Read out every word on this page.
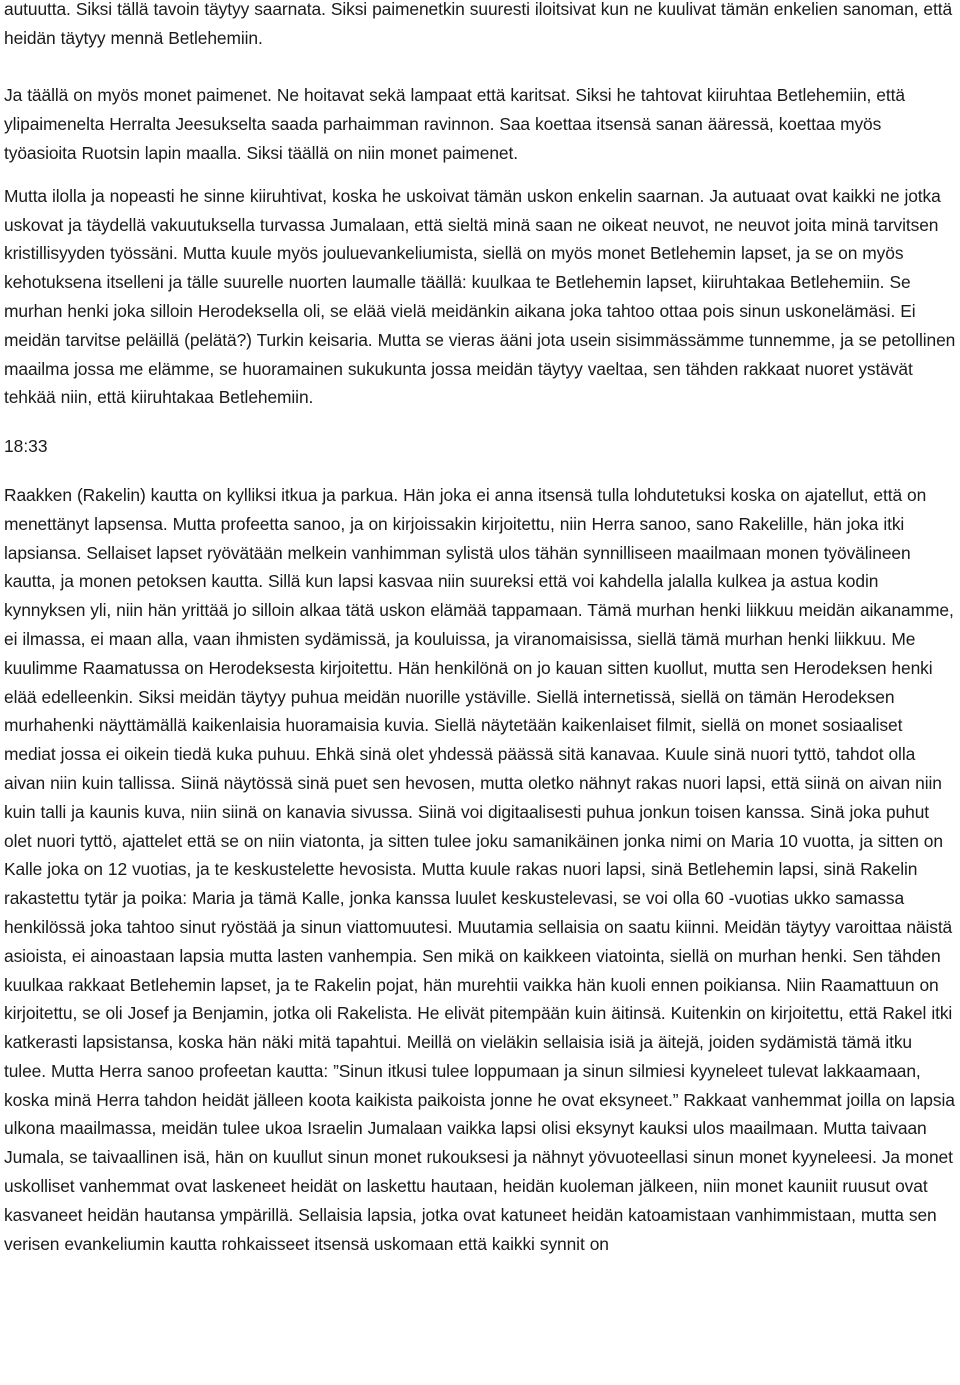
autuutta. Siksi tällä tavoin täytyy saarnata. Siksi paimenetkin suuresti iloitsivat kun ne kuulivat tämän enkelien sanoman, että heidän täytyy mennä Betlehemiin.

Ja täällä on myös monet paimenet. Ne hoitavat sekä lampaat että karitsat. Siksi he tahtovat kiiruhtaa Betlehemiin, että ylipaimenelta Herralta Jeesukselta saada parhaimman ravinnon. Saa koettaa itsensä sanan ääressä, koettaa myös työasioita Ruotsin lapin maalla. Siksi täällä on niin monet paimenet.

Mutta ilolla ja nopeasti he sinne kiiruhtivat, koska he uskoivat tämän uskon enkelin saarnan. Ja autuaat ovat kaikki ne jotka uskovat ja täydellä vakuutuksella turvassa Jumalaan, että sieltä minä saan ne oikeat neuvot, ne neuvot joita minä tarvitsen kristillisyyden työssäni. Mutta kuule myös jouluevankeliumista, siellä on myös monet Betlehemin lapset, ja se on myös kehotuksena itselleni ja tälle suurelle nuorten laumalle täällä: kuulkaa te Betlehemin lapset, kiiruhtakaa Betlehemiin. Se murhan henki joka silloin Herodeksella oli, se elää vielä meidänkin aikana joka tahtoo ottaa pois sinun uskonelämäsi. Ei meidän tarvitse peläillä (pelätä?) Turkin keisaria. Mutta se vieras ääni jota usein sisimmässämme tunnemme, ja se petollinen maailma jossa me elämme, se huoramainen sukukunta jossa meidän täytyy vaeltaa, sen tähden rakkaat nuoret ystävät tehkää niin, että kiiruhtakaa Betlehemiin.

18:33

Raakken (Rakelin) kautta on kylliksi itkua ja parkua. Hän joka ei anna itsensä tulla lohdutetuksi koska on ajatellut, että on menettänyt lapsensa. Mutta profeetta sanoo, ja on kirjoissakin kirjoitettu, niin Herra sanoo, sano Rakelille, hän joka itki lapsiansa. Sellaiset lapset ryövätään melkein vanhimman sylistä ulos tähän synnilliseen maailmaan monen työvälineen kautta, ja monen petoksen kautta. Sillä kun lapsi kasvaa niin suureksi että voi kahdella jalalla kulkea ja astua kodin kynnyksen yli, niin hän yrittää jo silloin alkaa tätä uskon elämää tappamaan. Tämä murhan henki liikkuu meidän aikanamme, ei ilmassa, ei maan alla, vaan ihmisten sydämissä, ja kouluissa, ja viranomaisissa, siellä tämä murhan henki liikkuu. Me kuulimme Raamatussa on Herodeksesta kirjoitettu. Hän henkilönä on jo kauan sitten kuollut, mutta sen Herodeksen henki elää edelleenkin. Siksi meidän täytyy puhua meidän nuorille ystäville. Siellä internetissä, siellä on tämän Herodeksen murhahenki näyttämällä kaikenlaisia huoramaisia kuvia. Siellä näytetään kaikenlaiset filmit, siellä on monet sosiaaliset mediat jossa ei oikein tiedä kuka puhuu. Ehkä sinä olet yhdessä päässä sitä kanavaa. Kuule sinä nuori tyttö, tahdot olla aivan niin kuin tallissa. Siinä näytössä sinä puet sen hevosen, mutta oletko nähnyt rakas nuori lapsi, että siinä on aivan niin kuin talli ja kaunis kuva, niin siinä on kanavia sivussa. Siinä voi digitaalisesti puhua jonkun toisen kanssa. Sinä joka puhut olet nuori tyttö, ajattelet että se on niin viatonta, ja sitten tulee joku samanikäinen jonka nimi on Maria 10 vuotta, ja sitten on Kalle joka on 12 vuotias, ja te keskustelette hevosista. Mutta kuule rakas nuori lapsi, sinä Betlehemin lapsi, sinä Rakelin rakastettu tytär ja poika: Maria ja tämä Kalle, jonka kanssa luulet keskustelevasi, se voi olla 60 -vuotias ukko samassa henkilössä joka tahtoo sinut ryöstää ja sinun viattomuutesi. Muutamia sellaisia on saatu kiinni. Meidän täytyy varoittaa näistä asioista, ei ainoastaan lapsia mutta lasten vanhempia. Sen mikä on kaikkeen viatointa, siellä on murhan henki. Sen tähden kuulkaa rakkaat Betlehemin lapset, ja te Rakelin pojat, hän murehtii vaikka hän kuoli ennen poikiansa. Niin Raamattuun on kirjoitettu, se oli Josef ja Benjamin, jotka oli Rakelista. He elivät pitempään kuin äitinsä. Kuitenkin on kirjoitettu, että Rakel itki katkerasti lapsistansa, koska hän näki mitä tapahtui. Meillä on vieläkin sellaisia isiä ja äitejä, joiden sydämistä tämä itku tulee. Mutta Herra sanoo profeetan kautta: ”Sinun itkusi tulee loppumaan ja sinun silmiesi kyyneleet tulevat lakkaamaan, koska minä Herra tahdon heidät jälleen koota kaikista paikoista jonne he ovat eksyneet.” Rakkaat vanhemmat joilla on lapsia ulkona maailmassa, meidän tulee ukoa Israelin Jumalaan vaikka lapsi olisi eksynyt kauksi ulos maailmaan. Mutta taivaan Jumala, se taivaallinen isä, hän on kuullut sinun monet rukouksesi ja nähnyt yövuoteellasi sinun monet kyyneleesi. Ja monet uskolliset vanhemmat ovat laskeneet heidät on laskettu hautaan, heidän kuoleman jälkeen, niin monet kauniit ruusut ovat kasvaneet heidän hautansa ympärillä. Sellaisia lapsia, jotka ovat katuneet heidän katoamistaan vanhimmistaan, mutta sen verisen evankeliumin kautta rohkaisseet itsensä uskomaan että kaikki synnit on
